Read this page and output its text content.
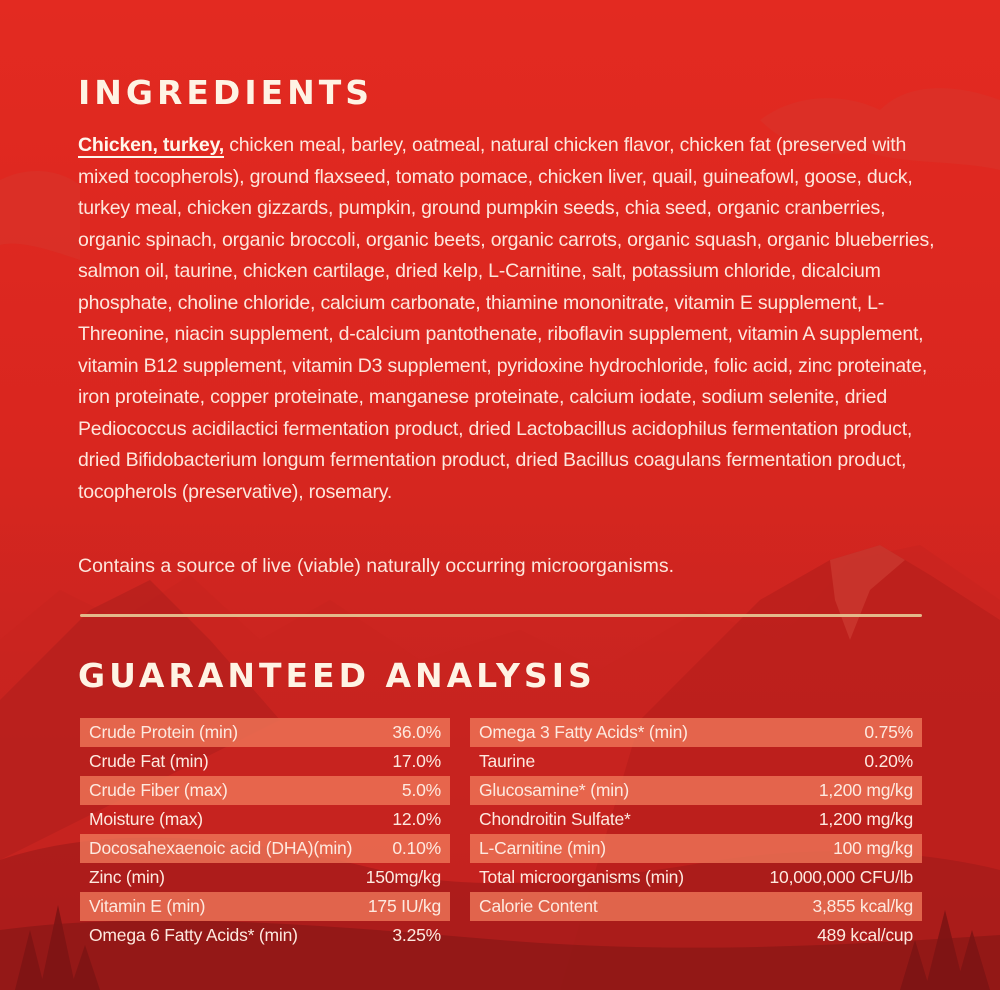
INGREDIENTS
Chicken, turkey, chicken meal, barley, oatmeal, natural chicken flavor, chicken fat (preserved with mixed tocopherols), ground flaxseed, tomato pomace, chicken liver, quail, guineafowl, goose, duck, turkey meal, chicken gizzards, pumpkin, ground pumpkin seeds, chia seed, organic cranberries, organic spinach, organic broccoli, organic beets, organic carrots, organic squash, organic blueberries, salmon oil, taurine, chicken cartilage, dried kelp, L-Carnitine, salt, potassium chloride, dicalcium phosphate, choline chloride, calcium carbonate, thiamine mononitrate, vitamin E supplement, L-Threonine, niacin supplement, d-calcium pantothenate, riboflavin supplement, vitamin A supplement, vitamin B12 supplement, vitamin D3 supplement, pyridoxine hydrochloride, folic acid, zinc proteinate, iron proteinate, copper proteinate, manganese proteinate, calcium iodate, sodium selenite, dried Pediococcus acidilactici fermentation product, dried Lactobacillus acidophilus fermentation product, dried Bifidobacterium longum fermentation product, dried Bacillus coagulans fermentation product, tocopherols (preservative), rosemary.
Contains a source of live (viable) naturally occurring microorganisms.
GUARANTEED ANALYSIS
Crude Protein (min)	36.0%
Crude Fat (min)	17.0%
Crude Fiber (max)	5.0%
Moisture (max)	12.0%
Docosahexaenoic acid (DHA)(min) 0.10%
Zinc (min)	150mg/kg
Vitamin E (min)	175 IU/kg
Omega 6 Fatty Acids* (min)	3.25%
Omega 3 Fatty Acids* (min)	0.75%
Taurine	0.20%
Glucosamine* (min)	1,200 mg/kg
Chondroitin Sulfate*	1,200 mg/kg
L-Carnitine (min)	100 mg/kg
Total microorganisms (min)	10,000,000 CFU/lb
Calorie Content	3,855 kcal/kg
489 kcal/cup
